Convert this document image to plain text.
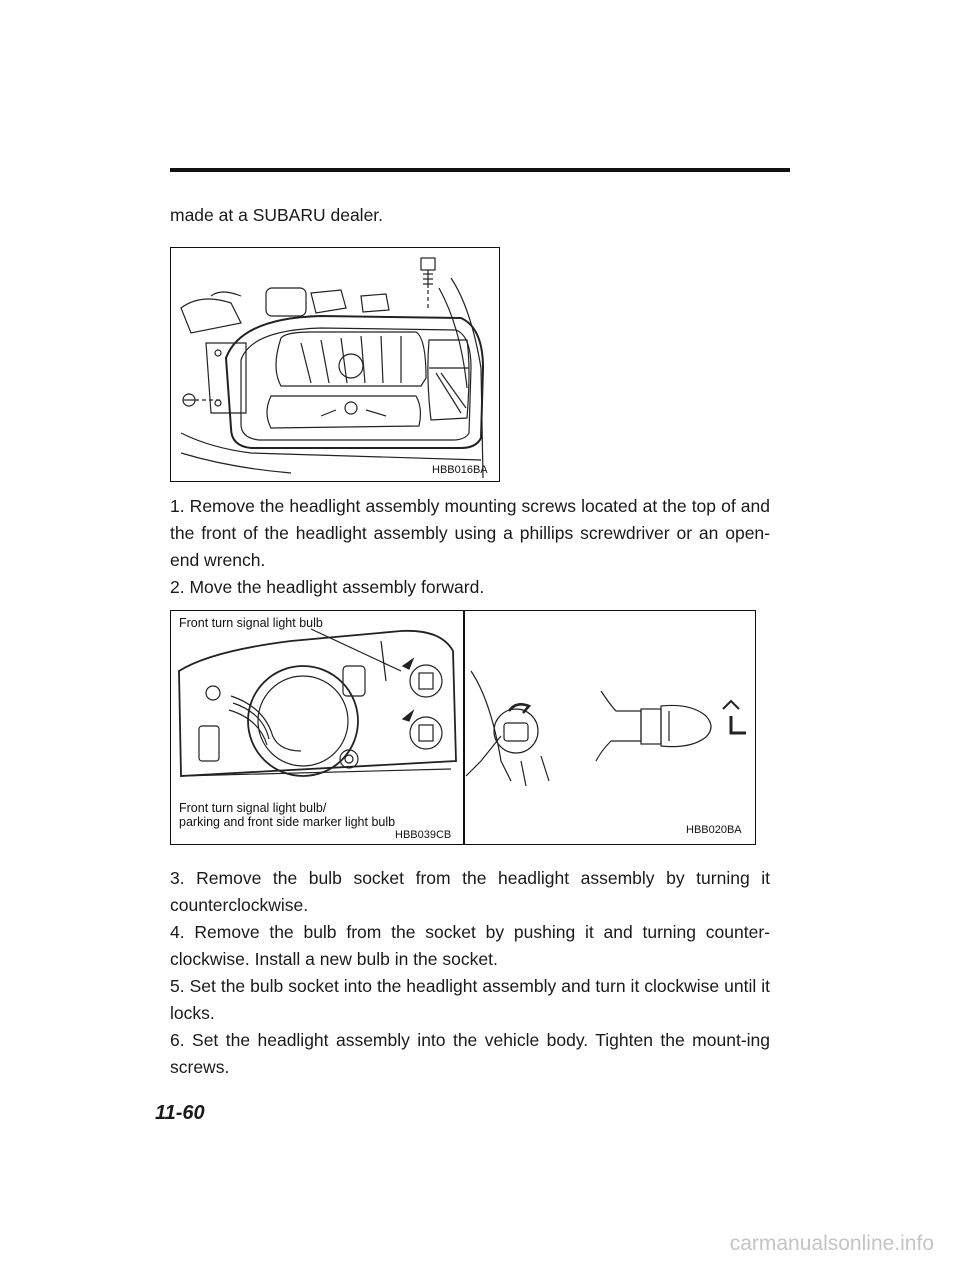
made at a SUBARU dealer.

HBB016BA

1. Remove the headlight assembly mounting screws located at the top of and the front of the headlight assembly using a phillips screwdriver or an open-end wrench.

2. Move the headlight assembly forward.

Front turn signal light bulb
Front turn signal light bulb/
parking and front side marker light bulb
HBB039CB	HBB020BA

3. Remove the bulb socket from the headlight assembly by turning it counterclockwise.

4. Remove the bulb from the socket by pushing it and turning counter-clockwise. Install a new bulb in the socket.

5. Set the bulb socket into the headlight assembly and turn it clockwise until it locks.

6. Set the headlight assembly into the vehicle body. Tighten the mount-ing screws.

11-60
carmanualsonline.info
